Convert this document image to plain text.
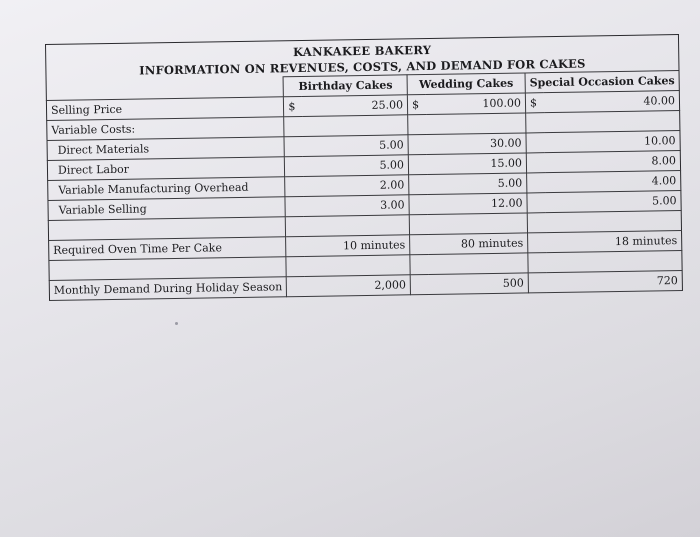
KANKAKEE BAKERY
INFORMATION ON REVENUES, COSTS, AND DEMAND FOR CAKES
	Birthday Cakes		Wedding Cakes		Special Occasion Cakes	
Selling Price	$	25.00	$	100.00	$	40.00
Variable Costs:						
Direct Materials		5.00		30.00		10.00
Direct Labor		5.00		15.00		8.00
Variable Manufacturing Overhead		2.00		5.00		4.00
Variable Selling		3.00		12.00		5.00

Required Oven Time Per Cake		10 minutes		80 minutes		18 minutes

Monthly Demand During Holiday Season		2,000		500		720
